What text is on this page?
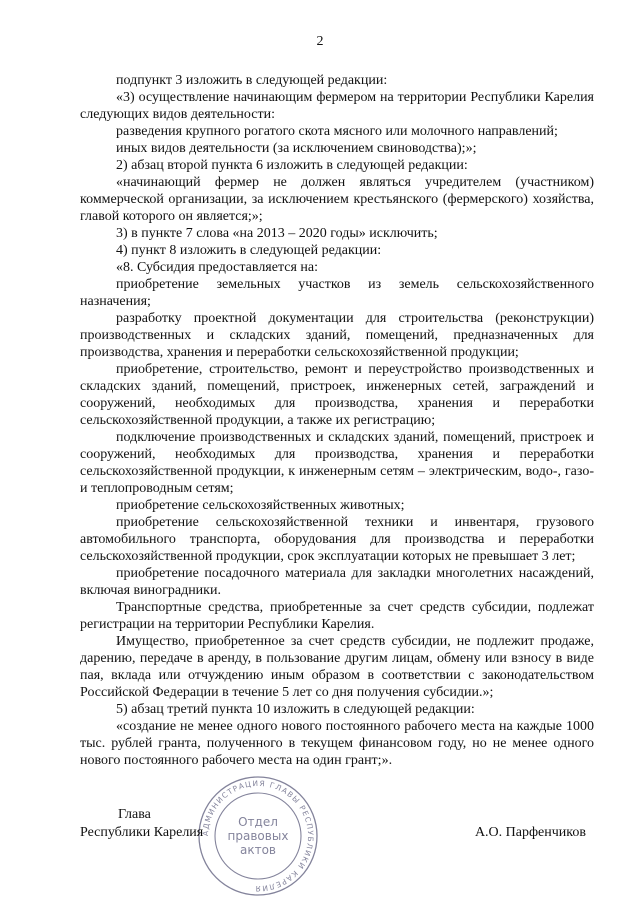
2

подпункт 3 изложить в следующей редакции:

«3) осуществление начинающим фермером на территории Республики Карелия следующих видов деятельности:

разведения крупного рогатого скота мясного или молочного направлений;

иных видов деятельности (за исключением свиноводства);»;

2) абзац второй пункта 6 изложить в следующей редакции:

«начинающий фермер не должен являться учредителем (участником) коммерческой организации, за исключением крестьянского (фермерского) хозяйства, главой которого он является;»;

3) в пункте 7 слова «на 2013 – 2020 годы» исключить;

4) пункт 8 изложить в следующей редакции:

«8. Субсидия предоставляется на:

приобретение земельных участков из земель сельскохозяйственного назначения;

разработку проектной документации для строительства (реконструкции) производственных и складских зданий, помещений, предназначенных для производства, хранения и переработки сельскохозяйственной продукции;

приобретение, строительство, ремонт и переустройство производственных и складских зданий, помещений, пристроек, инженерных сетей, заграждений и сооружений, необходимых для производства, хранения и переработки сельскохозяйственной продукции, а также их регистрацию;

подключение производственных и складских зданий, помещений, пристроек и сооружений, необходимых для производства, хранения и переработки сельскохозяйственной продукции, к инженерным сетям – электрическим, водо-, газо- и теплопроводным сетям;

приобретение сельскохозяйственных животных;

приобретение сельскохозяйственной техники и инвентаря, грузового автомобильного транспорта, оборудования для производства и переработки сельскохозяйственной продукции, срок эксплуатации которых не превышает 3 лет;

приобретение посадочного материала для закладки многолетних насаждений, включая виноградники.

Транспортные средства, приобретенные за счет средств субсидии, подлежат регистрации на территории Республики Карелия.

Имущество, приобретенное за счет средств субсидии, не подлежит продаже, дарению, передаче в аренду, в пользование другим лицам, обмену или взносу в виде пая, вклада или отчуждению иным образом в соответствии с законодательством Российской Федерации в течение 5 лет со дня получения субсидии.»;

5) абзац третий пункта 10 изложить в следующей редакции:

«создание не менее одного нового постоянного рабочего места на каждые 1000 тыс. рублей гранта, полученного в текущем финансовом году, но не менее одного нового постоянного рабочего места на один грант;».

АДМИНИСТРАЦИЯ ГЛАВЫ РЕСПУБЛИКИ КАРЕЛИЯ
Отдел
правовых
актов
Глава
Республики Карелия	А.О. Парфенчиков
